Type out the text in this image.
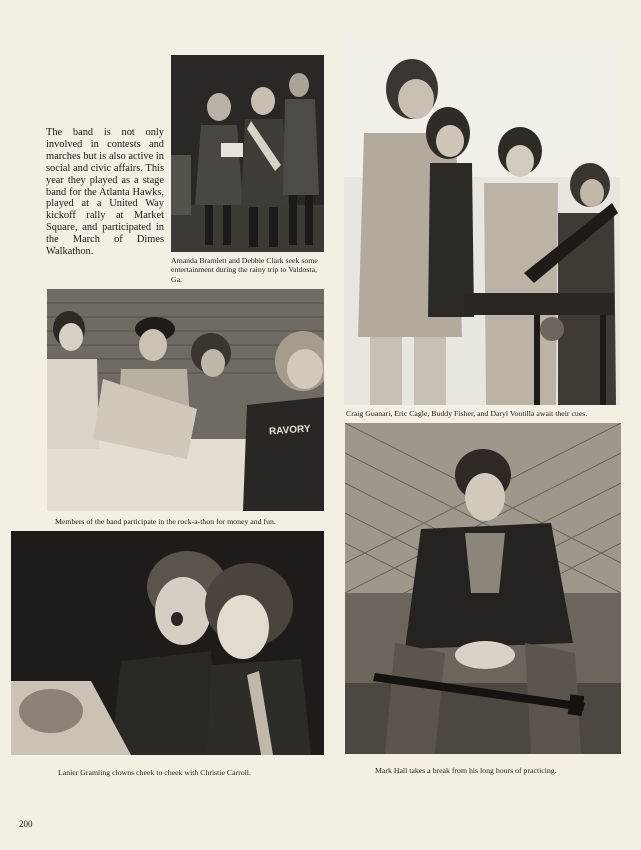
The band is not only involved in contests and marches but is also active in social and civic affairs. This year they played as a stage band for the Atlanta Hawks, played at a United Way kickoff rally at Market Square, and participated in the March of Dimes Walkathon.

Amanda Bramlett and Debbie Clark seek some entertainment during the rainy trip to Valdosta, Ga.

Craig Guanari, Eric Cagle, Buddy Fisher, and Daryl Voutilla await their cues.

RAVORY

Members of the band participate in the rock-a-thon for money and fun.

Lanier Gramling clowns cheek to cheek with Christie Carroll.	Mark Hall takes a break from his long hours of practicing.

200
